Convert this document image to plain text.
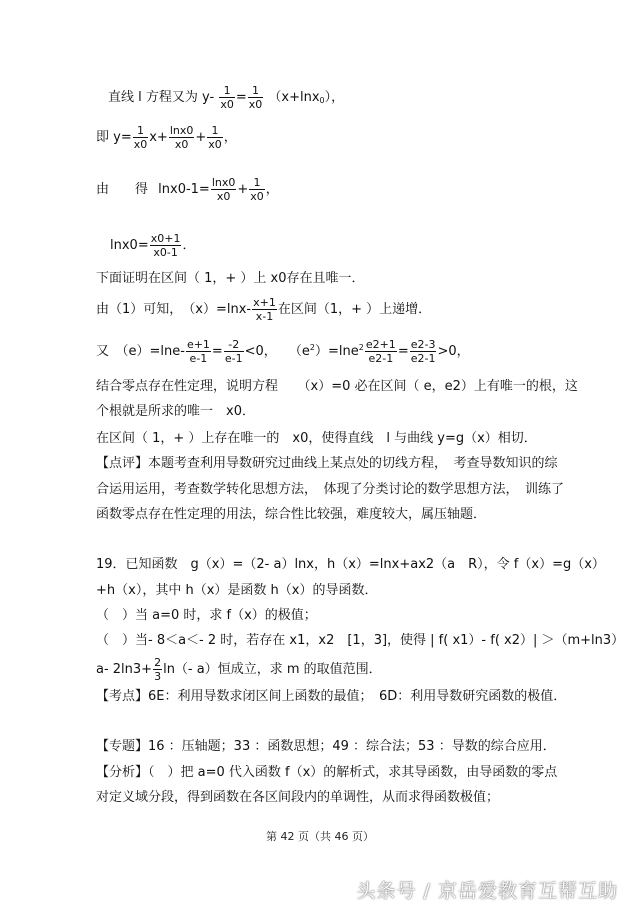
直线 l 方程又为 $y- \frac{1}{x0} = \frac{1}{x0} (x+\ln x_0)$，
即 $y= \frac{1}{x0} x+ \frac{\ln x0}{x0} + \frac{1}{x0}$ ，
由　　得 $\ln x0-1= \frac{\ln x0}{x0} + \frac{1}{x0}$ ，
$\ln x0= \frac{x0+1}{x0-1}$ ．
下面证明在区间（ 1，+ ）上 x0存在且唯一．
由（1）可知，　$(x)=\ln x- \frac{x+1}{x-1}$ 在区间（1，+ ）上递增．
又　$(e)=\ln e- \frac{e+1}{e-1} = \frac{-2}{e-1} <0$， $(e^2)=\ln e^2 \frac{e2+1}{e2-1} = \frac{e2-3}{e2-1} >0$，
结合零点存在性定理，说明方程　　（x）=0 必在区间（ e，e2）上有唯一的根，这
个根就是所求的唯一　x0．
在区间（ 1，+ ）上存在唯一的　x0，使得直线　l 与曲线 y=g（x）相切．
【点评】本题考查利用导数研究过曲线上某点处的切线方程，　考查导数知识的综
合运用运用，考查数学转化思想方法，　体现了分类讨论的数学思想方法，　训练了
函数零点存在性定理的用法，综合性比较强，难度较大，属压轴题．
19．已知函数　g（x）=（2- a）lnx，h（x）=lnx+ax2（a　R），令 f（x）=g（x）
+h（x），其中 h（x）是函数 h（x）的导函数．
（　）当 a=0 时，求 f（x）的极值；
（　）当- 8＜a＜- 2 时，若存在 x1，x2　[1，3]，使得 | f( x1）- f( x2）| ＞（m+ln3）
a- $2\ln 3+ \frac{2}{3} \ln(-$ a）恒成立，求 m 的取值范围．
【考点】6E：利用导数求闭区间上函数的最值；　6D：利用导数研究函数的极值．
【专题】16 ：压轴题；33 ：函数思想；49 ：综合法；53 ：导数的综合应用．
【分析】（　）把 a=0 代入函数 f（x）的解析式，求其导函数，由导函数的零点
对定义域分段，得到函数在各区间段内的单调性，从而求得函数极值；
第 42 页（共 46 页）
头条号 / 京岳爱教育互帮互助
